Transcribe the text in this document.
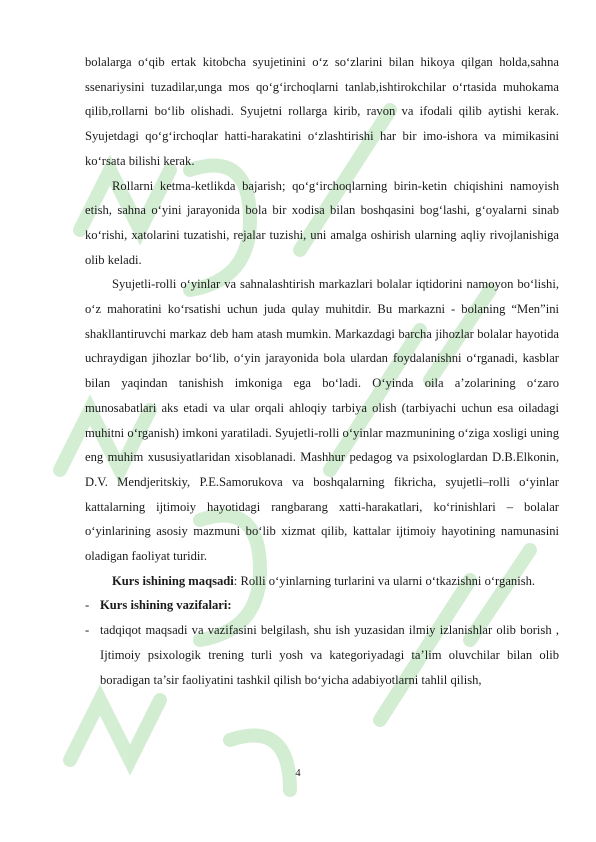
bolalarga o‘qib ertak kitobcha syujetinini o‘z so‘zlarini bilan hikoya qilgan holda,sahna ssenariysini tuzadilar,unga mos qo‘g‘irchoqlarni tanlab,ishtirokchilar o‘rtasida muhokama qilib,rollarni bo‘lib olishadi. Syujetni rollarga kirib, ravon va ifodali qilib aytishi kerak. Syujetdagi qo‘g‘irchoqlar hatti-harakatini o‘zlashtirishi har bir imo-ishora va mimikasini ko‘rsata bilishi kerak.

Rollarni ketma-ketlikda bajarish; qo‘g‘irchoqlarning birin-ketin chiqishini namoyish etish, sahna o‘yini jarayonida bola bir xodisa bilan boshqasini bog‘lashi, g‘oyalarni sinab ko‘rishi, xatolarini tuzatishi, rejalar tuzishi, uni amalga oshirish ularning aqliy rivojlanishiga olib keladi.

Syujetli-rolli o‘yinlar va sahnalashtirish markazlari bolalar iqtidorini namoyon bo‘lishi, o‘z mahoratini ko‘rsatishi uchun juda qulay muhitdir. Bu markazni - bolaning “Men”ini shakllantiruvchi markaz deb ham atash mumkin. Markazdagi barcha jihozlar bolalar hayotida uchraydigan jihozlar bo‘lib, o‘yin jarayonida bola ulardan foydalanishni o‘rganadi, kasblar bilan yaqindan tanishish imkoniga ega bo‘ladi. O‘yinda oila a’zolarining o‘zaro munosabatlari aks etadi va ular orqali ahloqiy tarbiya olish (tarbiyachi uchun esa oiladagi muhitni o‘rganish) imkoni yaratiladi. Syujetli-rolli o‘yinlar mazmunining o‘ziga xosligi uning eng muhim xususiyatlaridan xisoblanadi. Mashhur pedagog va psixologlardan D.B.Elkonin, D.V. Mendjeritskiy, P.E.Samorukova va boshqalarning fikricha, syujetli–rolli o‘yinlar kattalarning ijtimoiy hayotidagi rangbarang xatti-harakatlari, ko‘rinishlari – bolalar o‘yinlarining asosiy mazmuni bo‘lib xizmat qilib, kattalar ijtimoiy hayotining namunasini oladigan faoliyat turidir.

Kurs ishining maqsadi: Rolli o‘yinlarning turlarini va ularni o‘tkazishni o‘rganish.

- Kurs ishining vazifalari:
- tadqiqot maqsadi va vazifasini belgilash, shu ish yuzasidan ilmiy izlanishlar olib borish , Ijtimoiy psixologik trening turli yosh va kategoriyadagi ta’lim oluvchilar bilan olib boradigan ta’sir faoliyatini tashkil qilish bo‘yicha adabiyotlarni tahlil qilish,
4
